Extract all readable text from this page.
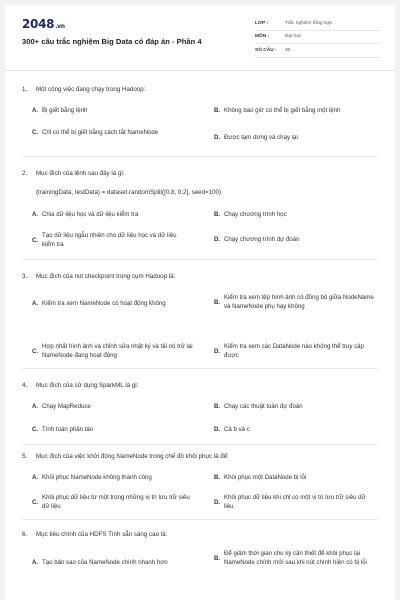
2048.vn
300+ câu trắc nghiệm Big Data có đáp án - Phần 4
LỚP :	Trắc nghiệm tổng hợp
MÔN :	Đại học
SỐ CÂU :	30
1. Một công việc đang chạy trong Hadoop:
A. Bị giết bằng lệnh	B. Không bao giờ có thể bị giết bằng một lệnh
C. Chỉ có thể bị giết bằng cách tắt NameNode
D. Được tạm dừng và chạy lại
2. Mục đích của lệnh sau đây là gì:
(trainingData, testData) = dataset.randomSplit([0.8, 0.2], seed=100)
A. Chia dữ liệu học và dữ liệu kiểm tra	B. Chạy chương trình học
C.
Tạo dữ liệu ngẫu nhiên cho dữ liệu học và dữ liệu kiểm tra
D. Chạy chương trình dự đoán
3. Mục đích của nút checkpoint trong cụm Hadoop là:
A. Kiểm tra xem NameNode có hoạt động không	B.
Kiểm tra xem tệp hình ảnh có đồng bộ giữa NodeName và NameNode phụ hay không
C.
Hợp nhất hình ảnh và chỉnh sửa nhật ký và tải nó trở lại NameNode đang hoạt động
D.
Kiểm tra xem các DataNode nào không thể truy cập được
4. Mục đích của sử dụng SparkML là gì:
A. Chạy MapReduce	B. Chạy các thuật toán dự đoán
C. Tính toán phân tán	D. Cả b và c
5. Mục đích của việc khởi động NameNode trong chế độ khôi phục là để:
A. Khôi phục NameNode không thành công	B. Khôi phục một DataNode bị lỗi
C.
Khôi phục dữ liệu từ một trong những vị trí lưu trữ siêu dữ liệu
D.
Khôi phục dữ liệu khi chỉ có một vị trí lưu trữ siêu dữ liệu
6. Mục tiêu chính của HDFS Tính sẵn sàng cao là:
A. Tạo bản sao của NameNode chính nhanh hơn
B.
Để giảm thời gian chu kỳ cần thiết để khôi phục lại NameNode chính mới sau khi nút chính hiện có bị lỗi
